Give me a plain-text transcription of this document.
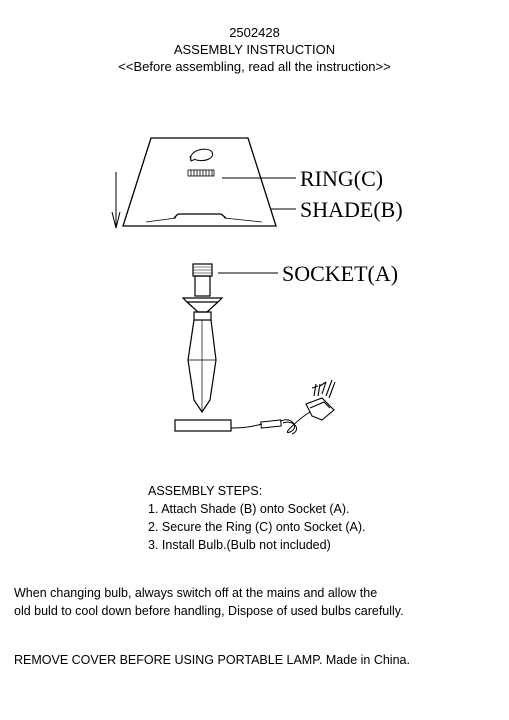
2502428
ASSEMBLY INSTRUCTION
<<Before assembling, read all the instruction>>
RING(C)
SHADE(B)
SOCKET(A)
ASSEMBLY STEPS:
1. Attach Shade (B) onto Socket (A).
2. Secure the Ring (C) onto Socket (A).
3. Install Bulb.(Bulb not included)
When changing bulb, always switch off at the mains and allow the
old buld to cool down before handling, Dispose of used bulbs carefully.
REMOVE COVER BEFORE USING PORTABLE LAMP. Made in China.
